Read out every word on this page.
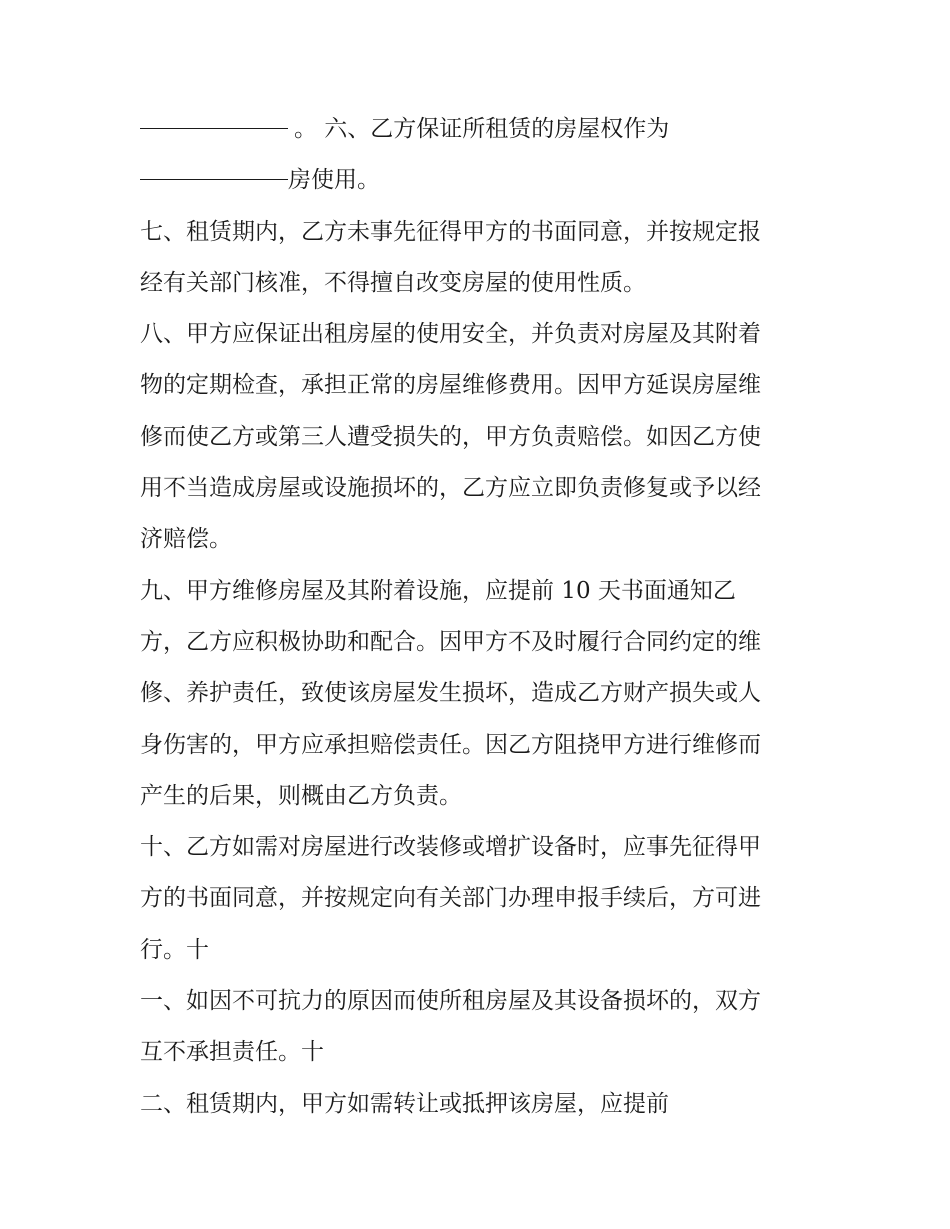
。 六、乙方保证所租赁的房屋权作为
房使用。
七、租赁期内，乙方未事先征得甲方的书面同意，并按规定报
经有关部门核准，不得擅自改变房屋的使用性质。
八、甲方应保证出租房屋的使用安全，并负责对房屋及其附着
物的定期检查，承担正常的房屋维修费用。因甲方延误房屋维
修而使乙方或第三人遭受损失的，甲方负责赔偿。如因乙方使
用不当造成房屋或设施损坏的，乙方应立即负责修复或予以经
济赔偿。
九、甲方维修房屋及其附着设施，应提前 10 天书面通知乙
方，乙方应积极协助和配合。因甲方不及时履行合同约定的维
修、养护责任，致使该房屋发生损坏，造成乙方财产损失或人
身伤害的，甲方应承担赔偿责任。因乙方阻挠甲方进行维修而
产生的后果，则概由乙方负责。
十、乙方如需对房屋进行改装修或增扩设备时，应事先征得甲
方的书面同意，并按规定向有关部门办理申报手续后，方可进
行。十
一、如因不可抗力的原因而使所租房屋及其设备损坏的，双方
互不承担责任。十
二、租赁期内，甲方如需转让或抵押该房屋，应提前
